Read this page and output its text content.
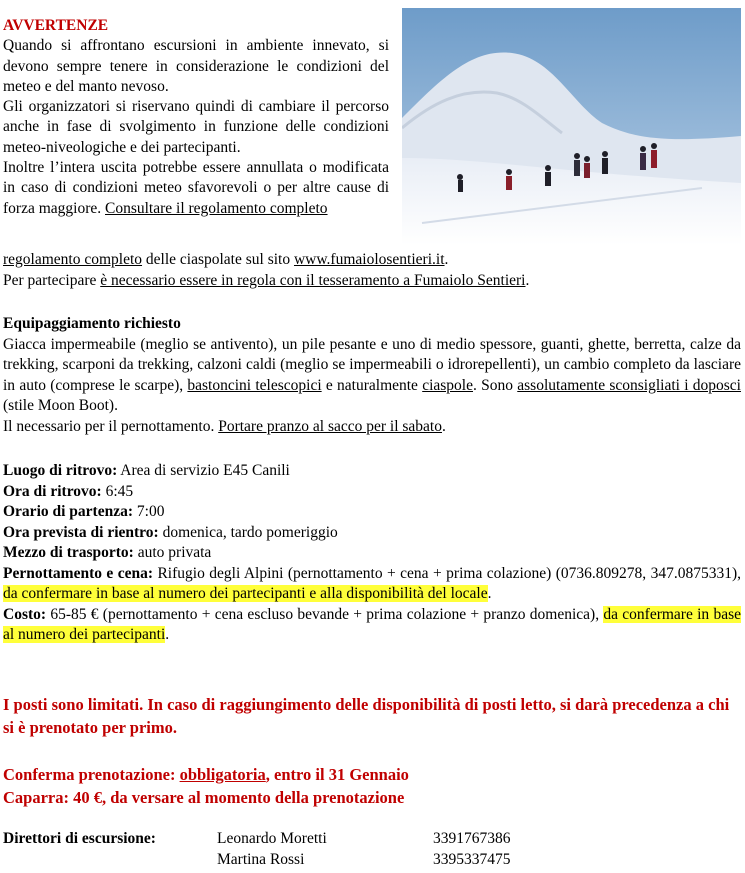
AVVERTENZE
Quando si affrontano escursioni in ambiente innevato, si devono sempre tenere in considerazione le condizioni del meteo e del manto nevoso.
Gli organizzatori si riservano quindi di cambiare il percorso anche in fase di svolgimento in funzione delle condizioni meteo-niveologiche e dei partecipanti.
Inoltre l’intera uscita potrebbe essere annullata o modificata in caso di condizioni meteo sfavorevoli o per altre cause di forza maggiore. Consultare il regolamento completo
regolamento completo delle ciaspolate sul sito www.fumaiolosentieri.it.
Per partecipare è necessario essere in regola con il tesseramento a Fumaiolo Sentieri.
Equipaggiamento richiesto
Giacca impermeabile (meglio se antivento), un pile pesante e uno di medio spessore, guanti, ghette, berretta, calze da trekking, scarponi da trekking, calzoni caldi (meglio se impermeabili o idrorepellenti), un cambio completo da lasciare in auto (comprese le scarpe), bastoncini telescopici e naturalmente ciaspole. Sono assolutamente sconsigliati i doposci (stile Moon Boot).
Il necessario per il pernottamento. Portare pranzo al sacco per il sabato.
Luogo di ritrovo: Area di servizio E45 Canili
Ora di ritrovo: 6:45
Orario di partenza: 7:00
Ora prevista di rientro: domenica, tardo pomeriggio
Mezzo di trasporto: auto privata
Pernottamento e cena: Rifugio degli Alpini (pernottamento + cena + prima colazione) (0736.809278, 347.0875331), da confermare in base al numero dei partecipanti e alla disponibilità del locale.
Costo: 65-85 € (pernottamento + cena escluso bevande + prima colazione + pranzo domenica), da confermare in base al numero dei partecipanti.
I posti sono limitati. In caso di raggiungimento delle disponibilità di posti letto, si darà precedenza a chi si è prenotato per primo.
Conferma prenotazione: obbligatoria, entro il 31 Gennaio
Caparra: 40 €, da versare al momento della prenotazione
Direttori di escursione:	Leonardo Moretti	3391767386
Martina Rossi	3395337475
